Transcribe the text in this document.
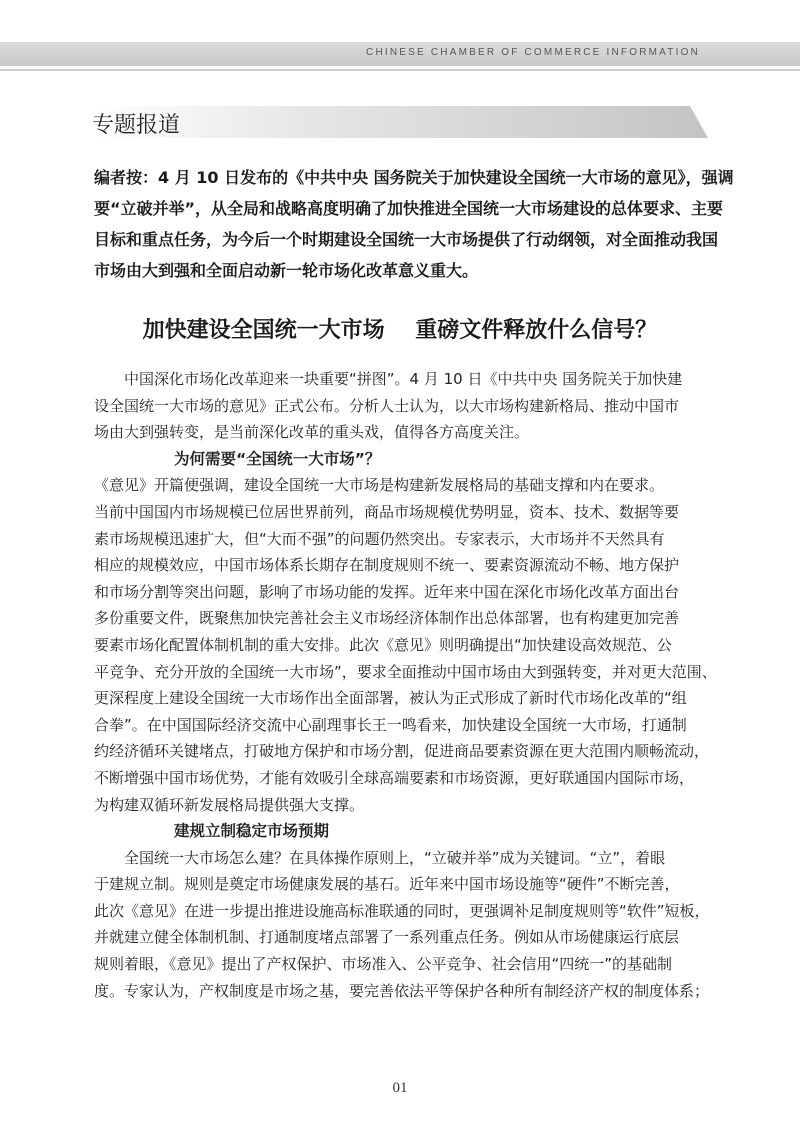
CHINESE CHAMBER OF COMMERCE INFORMATION
专题报道

编者按：4 月 10 日发布的《中共中央 国务院关于加快建设全国统一大市场的意见》，强调

要“立破并举”，从全局和战略高度明确了加快推进全国统一大市场建设的总体要求、主要

目标和重点任务，为今后一个时期建设全国统一大市场提供了行动纲领，对全面推动我国

市场由大到强和全面启动新一轮市场化改革意义重大。

加快建设全国统一大市场    重磅文件释放什么信号？

　　中国深化市场化改革迎来一块重要“拼图”。4 月 10 日《中共中央 国务院关于加快建

设全国统一大市场的意见》正式公布。分析人士认为，以大市场构建新格局、推动中国市

场由大到强转变，是当前深化改革的重头戏，值得各方高度关注。

为何需要“全国统一大市场”？

《意见》开篇便强调，建设全国统一大市场是构建新发展格局的基础支撑和内在要求。

当前中国国内市场规模已位居世界前列，商品市场规模优势明显，资本、技术、数据等要

素市场规模迅速扩大，但“大而不强”的问题仍然突出。专家表示，大市场并不天然具有

相应的规模效应，中国市场体系长期存在制度规则不统一、要素资源流动不畅、地方保护

和市场分割等突出问题，影响了市场功能的发挥。近年来中国在深化市场化改革方面出台

多份重要文件，既聚焦加快完善社会主义市场经济体制作出总体部署，也有构建更加完善

要素市场化配置体制机制的重大安排。此次《意见》则明确提出“加快建设高效规范、公

平竞争、充分开放的全国统一大市场”，要求全面推动中国市场由大到强转变，并对更大范围、

更深程度上建设全国统一大市场作出全面部署，被认为正式形成了新时代市场化改革的“组

合拳”。在中国国际经济交流中心副理事长王一鸣看来，加快建设全国统一大市场，打通制

约经济循环关键堵点，打破地方保护和市场分割，促进商品要素资源在更大范围内顺畅流动，

不断增强中国市场优势，才能有效吸引全球高端要素和市场资源，更好联通国内国际市场，

为构建双循环新发展格局提供强大支撑。

建规立制稳定市场预期

　　全国统一大市场怎么建？在具体操作原则上，“立破并举”成为关键词。“立”，着眼

于建规立制。规则是奠定市场健康发展的基石。近年来中国市场设施等“硬件”不断完善，

此次《意见》在进一步提出推进设施高标准联通的同时，更强调补足制度规则等“软件”短板，

并就建立健全体制机制、打通制度堵点部署了一系列重点任务。例如从市场健康运行底层

规则着眼，《意见》提出了产权保护、市场准入、公平竞争、社会信用“四统一”的基础制

度。专家认为，产权制度是市场之基，要完善依法平等保护各种所有制经济产权的制度体系；

01
